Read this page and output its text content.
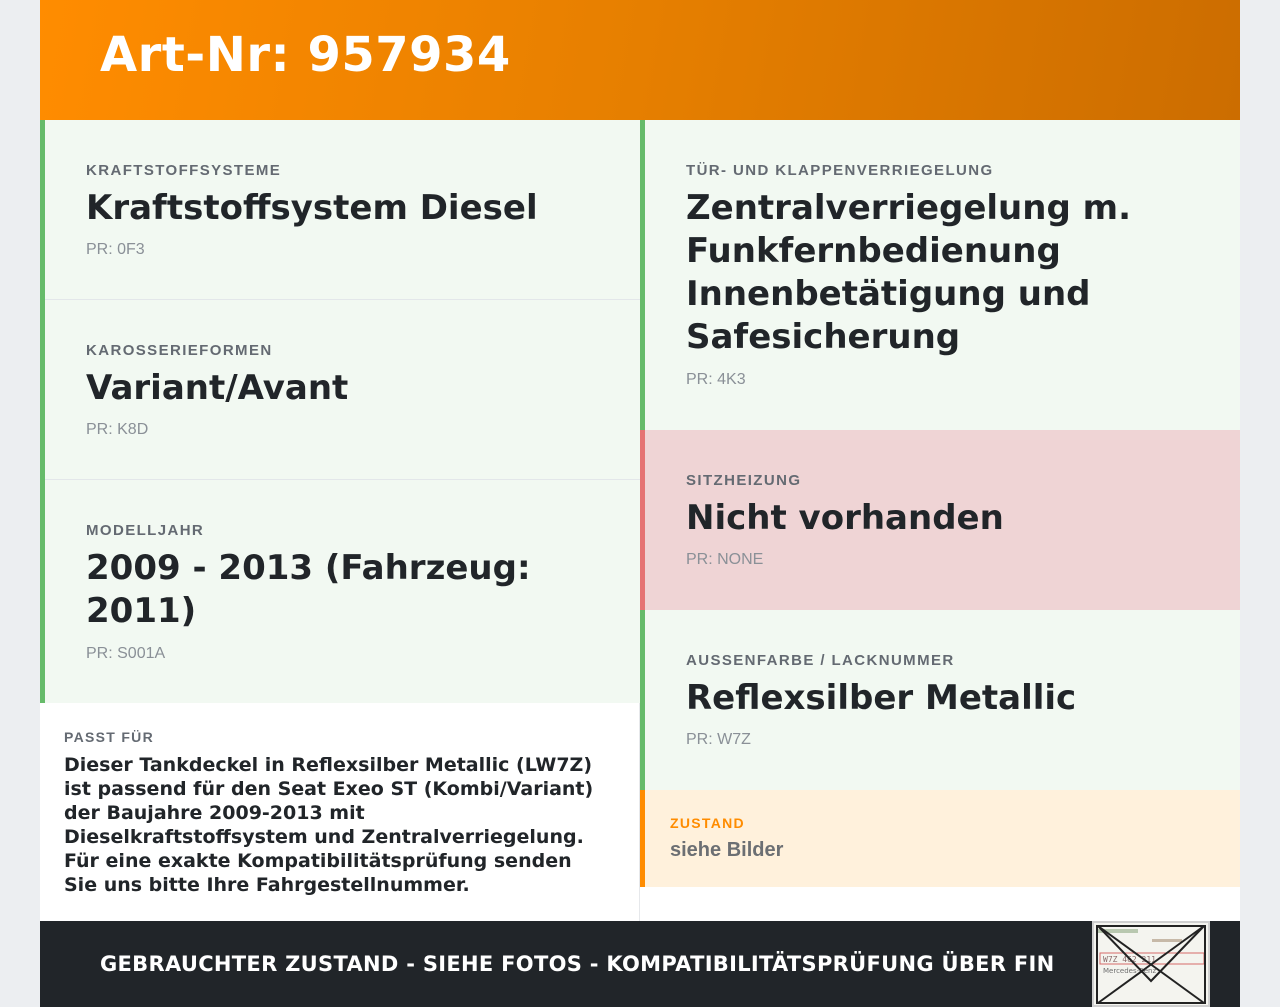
Art-Nr: 957934

KRAFTSTOFFSYSTEME

Kraftstoffsystem Diesel

PR: 0F3

KAROSSERIEFORMEN

Variant/Avant

PR: K8D

MODELLJAHR

2009 - 2013 (Fahrzeug: 2011)

PR: S001A

PASST FÜR

Dieser Tankdeckel in Reflexsilber Metallic (LW7Z) ist passend für den Seat Exeo ST (Kombi/Variant) der Baujahre 2009-2013 mit Dieselkraftstoffsystem und Zentralverriegelung. Für eine exakte Kompatibilitätsprüfung senden Sie uns bitte Ihre Fahrgestellnummer.

TÜR- UND KLAPPENVERRIEGELUNG

Zentralverriegelung m. Funkfernbedienung Innenbetätigung und Safesicherung

PR: 4K3

SITZHEIZUNG

Nicht vorhanden

PR: NONE

AUSSENFARBE / LACKNUMMER

Reflexsilber Metallic

PR: W7Z

ZUSTAND

siehe Bilder

GEBRAUCHTER ZUSTAND - SIEHE FOTOS - KOMPATIBILITÄTSPRÜFUNG ÜBER FIN	W7Z 462 211
Mercedes-Benz
